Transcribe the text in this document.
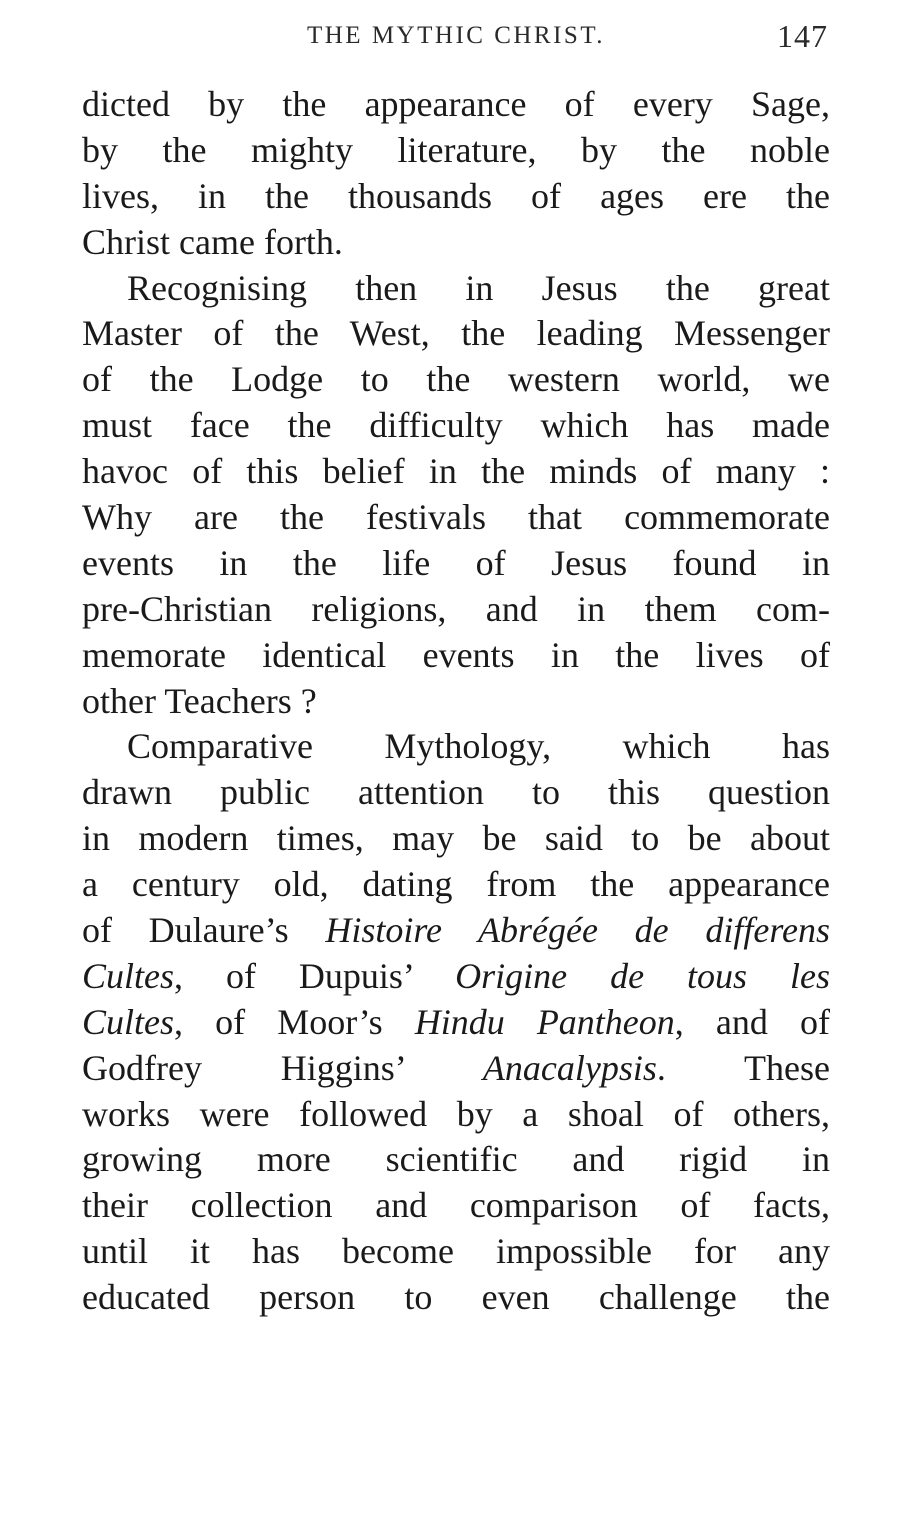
THE MYTHIC CHRIST.	147

dicted by the appearance of every Sage,
by the mighty literature, by the noble
lives, in the thousands of ages ere the
Christ came forth.

Recognising then in Jesus the great
Master of the West, the leading Messenger
of the Lodge to the western world, we
must face the difficulty which has made
havoc of this belief in the minds of many :
Why are the festivals that commemorate
events in the life of Jesus found in
pre-Christian religions, and in them com-
memorate identical events in the lives of
other Teachers ?

Comparative Mythology, which has
drawn public attention to this question
in modern times, may be said to be about
a century old, dating from the appearance
of Dulaure’s Histoire Abrégée de differens
Cultes, of Dupuis’ Origine de tous les
Cultes, of Moor’s Hindu Pantheon, and of
Godfrey Higgins’ Anacalypsis. These
works were followed by a shoal of others,
growing more scientific and rigid in
their collection and comparison of facts,
until it has become impossible for any
educated person to even challenge the
